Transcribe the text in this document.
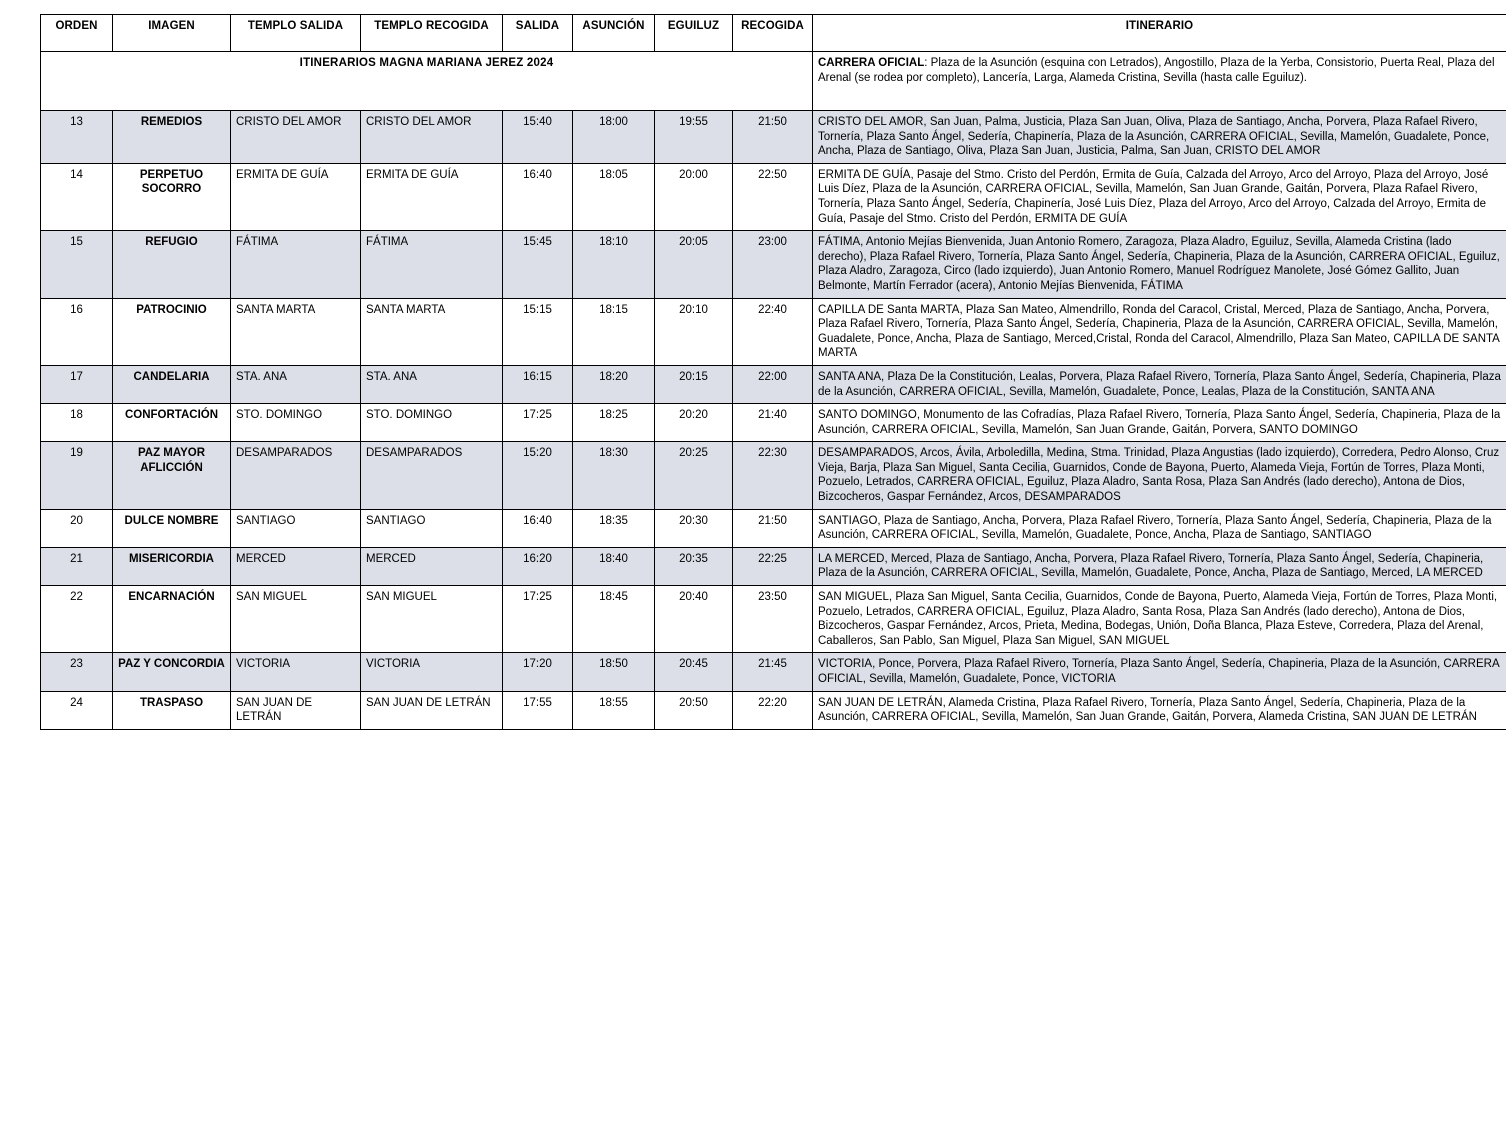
ITINERARIOS MAGNA MARIANA JEREZ 2024								CARRERA OFICIAL: Plaza de la Asunción (esquina con Letrados), Angostillo, Plaza de la Yerba, Consistorio, Puerta Real, Plaza del Arenal (se rodea por completo), Lancería, Larga, Alameda Cristina, Sevilla (hasta calle Eguiluz).
ORDEN	IMAGEN	TEMPLO SALIDA	TEMPLO RECOGIDA	SALIDA	ASUNCIÓN	EGUILUZ	RECOGIDA	ITINERARIO
13	REMEDIOS	CRISTO DEL AMOR	CRISTO DEL AMOR	15:40	18:00	19:55	21:50	CRISTO DEL AMOR, San Juan, Palma, Justicia, Plaza San Juan, Oliva, Plaza de Santiago, Ancha, Porvera, Plaza Rafael Rivero, Tornería, Plaza Santo Ángel, Sedería, Chapinería, Plaza de la Asunción, CARRERA OFICIAL, Sevilla, Mamelón, Guadalete, Ponce, Ancha, Plaza de Santiago, Oliva, Plaza San Juan, Justicia, Palma, San Juan, CRISTO DEL AMOR
14	PERPETUO SOCORRO	ERMITA DE GUÍA	ERMITA DE GUÍA	16:40	18:05	20:00	22:50	ERMITA DE GUÍA, Pasaje del Stmo. Cristo del Perdón, Ermita de Guía, Calzada del Arroyo, Arco del Arroyo, Plaza del Arroyo, José Luis Díez, Plaza de la Asunción, CARRERA OFICIAL, Sevilla, Mamelón, San Juan Grande, Gaitán, Porvera, Plaza Rafael Rivero, Tornería, Plaza Santo Ángel, Sedería, Chapinería, José Luis Díez, Plaza del Arroyo, Arco del Arroyo, Calzada del Arroyo, Ermita de Guía, Pasaje del Stmo. Cristo del Perdón, ERMITA DE GUÍA
15	REFUGIO	FÁTIMA	FÁTIMA	15:45	18:10	20:05	23:00	FÁTIMA, Antonio Mejías Bienvenida, Juan Antonio Romero, Zaragoza, Plaza Aladro, Eguiluz, Sevilla, Alameda Cristina (lado derecho), Plaza Rafael Rivero, Tornería, Plaza Santo Ángel, Sedería, Chapineria, Plaza de la Asunción, CARRERA OFICIAL, Eguiluz, Plaza Aladro, Zaragoza, Circo (lado izquierdo), Juan Antonio Romero, Manuel Rodríguez Manolete, José Gómez Gallito, Juan Belmonte, Martín Ferrador (acera), Antonio Mejías Bienvenida, FÁTIMA
16	PATROCINIO	SANTA MARTA	SANTA MARTA	15:15	18:15	20:10	22:40	CAPILLA DE Santa MARTA, Plaza San Mateo, Almendrillo, Ronda del Caracol, Cristal, Merced, Plaza de Santiago, Ancha, Porvera, Plaza Rafael Rivero, Tornería, Plaza Santo Ángel, Sedería, Chapineria, Plaza de la Asunción, CARRERA OFICIAL, Sevilla, Mamelón, Guadalete, Ponce, Ancha, Plaza de Santiago, Merced,Cristal, Ronda del Caracol, Almendrillo, Plaza San Mateo, CAPILLA DE SANTA MARTA
17	CANDELARIA	STA. ANA	STA. ANA	16:15	18:20	20:15	22:00	SANTA ANA, Plaza De la Constitución, Lealas, Porvera, Plaza Rafael Rivero, Tornería, Plaza Santo Ángel, Sedería, Chapineria, Plaza de la Asunción, CARRERA OFICIAL, Sevilla, Mamelón, Guadalete, Ponce, Lealas, Plaza de la Constitución, SANTA ANA
18	CONFORTACIÓN	STO. DOMINGO	STO. DOMINGO	17:25	18:25	20:20	21:40	SANTO DOMINGO, Monumento de las Cofradías, Plaza Rafael Rivero, Tornería, Plaza Santo Ángel, Sedería, Chapineria, Plaza de la Asunción, CARRERA OFICIAL, Sevilla, Mamelón, San Juan Grande, Gaitán, Porvera, SANTO DOMINGO
19	PAZ MAYOR AFLICCIÓN	DESAMPARADOS	DESAMPARADOS	15:20	18:30	20:25	22:30	DESAMPARADOS, Arcos, Ávila, Arboledilla, Medina, Stma. Trinidad, Plaza Angustias (lado izquierdo), Corredera, Pedro Alonso, Cruz Vieja, Barja, Plaza San Miguel, Santa Cecilia, Guarnidos, Conde de Bayona, Puerto, Alameda Vieja, Fortún de Torres, Plaza Monti, Pozuelo, Letrados, CARRERA OFICIAL, Eguiluz, Plaza Aladro, Santa Rosa, Plaza San Andrés (lado derecho), Antona de Dios, Bizcocheros, Gaspar Fernández, Arcos, DESAMPARADOS
20	DULCE NOMBRE	SANTIAGO	SANTIAGO	16:40	18:35	20:30	21:50	SANTIAGO, Plaza de Santiago, Ancha, Porvera, Plaza Rafael Rivero, Tornería, Plaza Santo Ángel, Sedería, Chapineria, Plaza de la Asunción, CARRERA OFICIAL, Sevilla, Mamelón, Guadalete, Ponce, Ancha, Plaza de Santiago, SANTIAGO
21	MISERICORDIA	MERCED	MERCED	16:20	18:40	20:35	22:25	LA MERCED, Merced, Plaza de Santiago, Ancha, Porvera, Plaza Rafael Rivero, Tornería, Plaza Santo Ángel, Sedería, Chapineria, Plaza de la Asunción, CARRERA OFICIAL, Sevilla, Mamelón, Guadalete, Ponce, Ancha, Plaza de Santiago, Merced, LA MERCED
22	ENCARNACIÓN	SAN MIGUEL	SAN MIGUEL	17:25	18:45	20:40	23:50	SAN MIGUEL, Plaza San Miguel, Santa Cecilia, Guarnidos, Conde de Bayona, Puerto, Alameda Vieja, Fortún de Torres, Plaza Monti, Pozuelo, Letrados, CARRERA OFICIAL, Eguiluz, Plaza Aladro, Santa Rosa, Plaza San Andrés (lado derecho), Antona de Dios, Bizcocheros, Gaspar Fernández, Arcos, Prieta, Medina, Bodegas, Unión, Doña Blanca, Plaza Esteve, Corredera, Plaza del Arenal, Caballeros, San Pablo, San Miguel, Plaza San Miguel, SAN MIGUEL
23	PAZ Y CONCORDIA	VICTORIA	VICTORIA	17:20	18:50	20:45	21:45	VICTORIA, Ponce, Porvera, Plaza Rafael Rivero, Tornería, Plaza Santo Ángel, Sedería, Chapineria, Plaza de la Asunción, CARRERA OFICIAL, Sevilla, Mamelón, Guadalete, Ponce, VICTORIA
24	TRASPASO	SAN JUAN DE LETRÁN	SAN JUAN DE LETRÁN	17:55	18:55	20:50	22:20	SAN JUAN DE LETRÁN, Alameda Cristina, Plaza Rafael Rivero, Tornería, Plaza Santo Ángel, Sedería, Chapineria, Plaza de la Asunción, CARRERA OFICIAL, Sevilla, Mamelón, San Juan Grande, Gaitán, Porvera, Alameda Cristina, SAN JUAN DE LETRÁN
